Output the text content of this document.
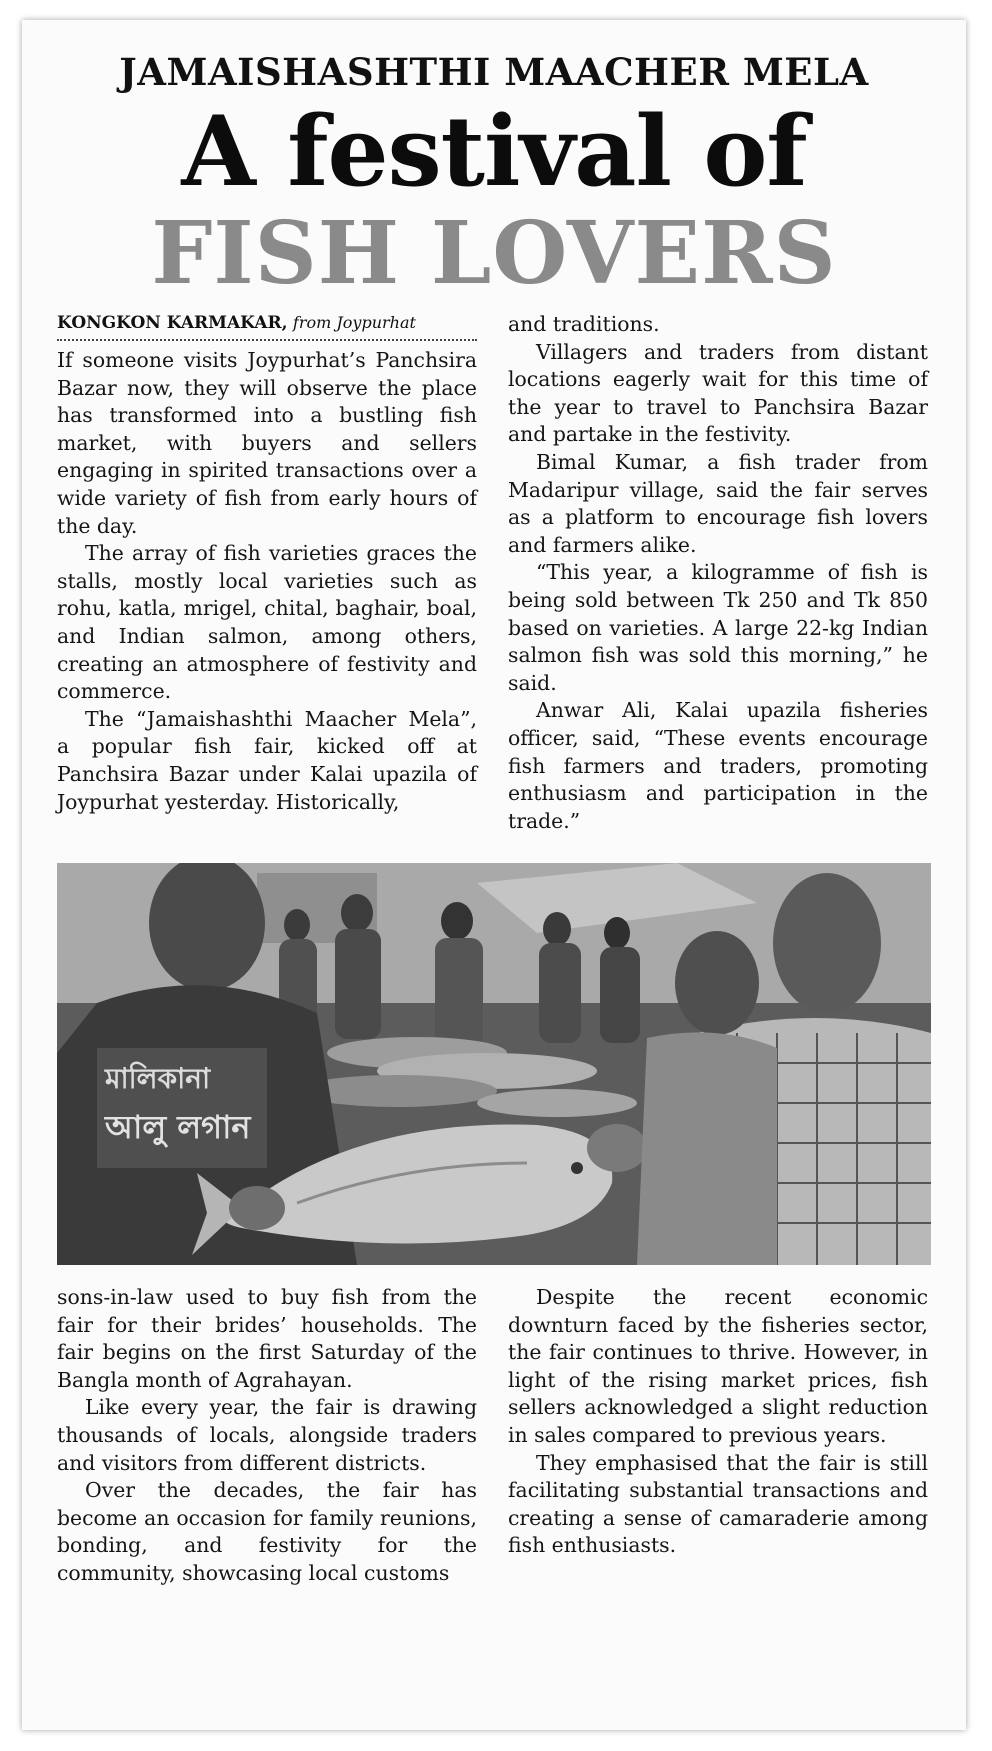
JAMAISHASHTHI MAACHER MELA
A festival of
FISH LOVERS
KONGKON KARMAKAR, from Joypurhat

If someone visits Joypurhat’s Panchsira Bazar now, they will observe the place has transformed into a bustling fish market, with buyers and sellers engaging in spirited transactions over a wide variety of fish from early hours of the day.

The array of fish varieties graces the stalls, mostly local varieties such as rohu, katla, mrigel, chital, baghair, boal, and Indian salmon, among others, creating an atmosphere of festivity and commerce.

The “Jamaishashthi Maacher Mela”, a popular fish fair, kicked off at Panchsira Bazar under Kalai upazila of Joypurhat yesterday. Historically,

and traditions.

Villagers and traders from distant locations eagerly wait for this time of the year to travel to Panchsira Bazar and partake in the festivity.

Bimal Kumar, a fish trader from Madaripur village, said the fair serves as a platform to encourage fish lovers and farmers alike.

“This year, a kilogramme of fish is being sold between Tk 250 and Tk 850 based on varieties. A large 22-kg Indian salmon fish was sold this morning,” he said.

Anwar Ali, Kalai upazila fisheries officer, said, “These events encourage fish farmers and traders, promoting enthusiasm and participation in the trade.”

মালিকানা
আলু লগান

sons-in-law used to buy fish from the fair for their brides’ households. The fair begins on the first Saturday of the Bangla month of Agrahayan.

Like every year, the fair is drawing thousands of locals, alongside traders and visitors from different districts.

Over the decades, the fair has become an occasion for family reunions, bonding, and festivity for the community, showcasing local customs

Despite the recent economic downturn faced by the fisheries sector, the fair continues to thrive. However, in light of the rising market prices, fish sellers acknowledged a slight reduction in sales compared to previous years.

They emphasised that the fair is still facilitating substantial transactions and creating a sense of camaraderie among fish enthusiasts.
